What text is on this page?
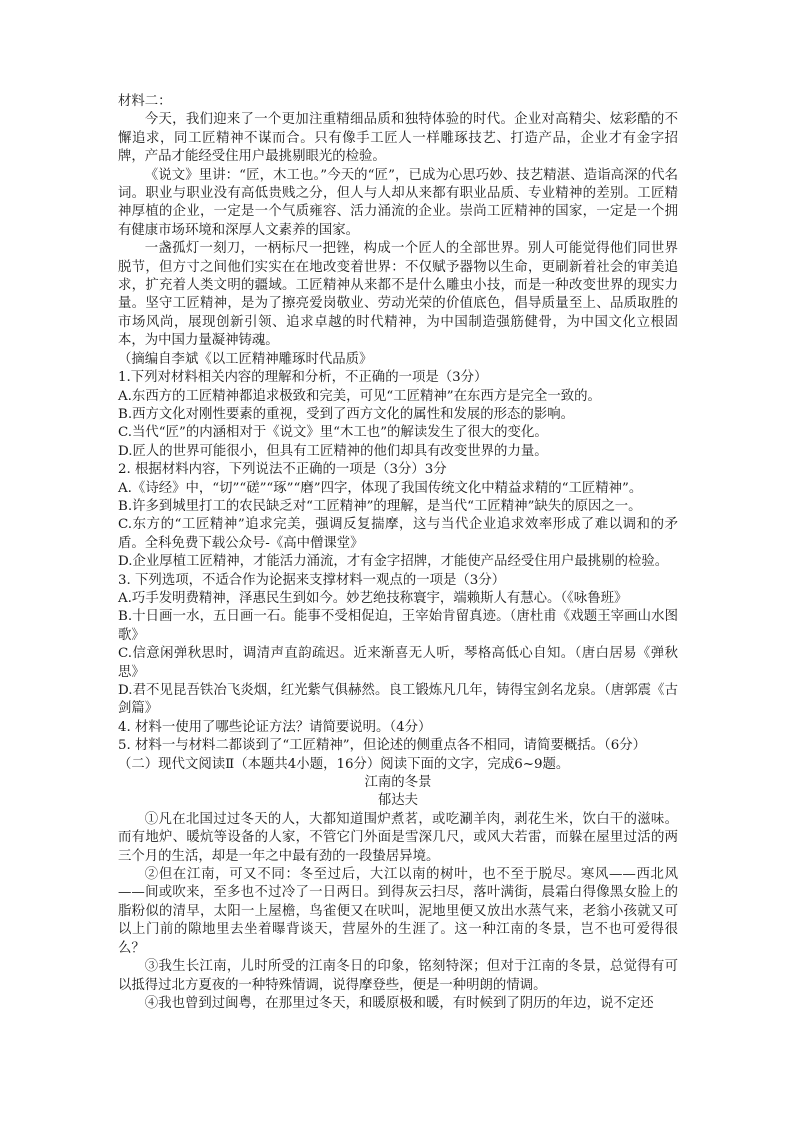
材料二：

今天，我们迎来了一个更加注重精细品质和独特体验的时代。企业对高精尖、炫彩酷的不懈追求，同工匠精神不谋而合。只有像手工匠人一样雕琢技艺、打造产品，企业才有金字招牌，产品才能经受住用户最挑剔眼光的检验。

《说文》里讲：“匠，木工也。”今天的“匠”，已成为心思巧妙、技艺精湛、造诣高深的代名词。职业与职业没有高低贵贱之分，但人与人却从来都有职业品质、专业精神的差别。工匠精神厚植的企业，一定是一个气质雍容、活力涌流的企业。崇尚工匠精神的国家，一定是一个拥有健康市场环境和深厚人文素养的国家。

一盏孤灯一刻刀，一柄标尺一把锉，构成一个匠人的全部世界。别人可能觉得他们同世界脱节，但方寸之间他们实实在在地改变着世界：不仅赋予器物以生命，更刷新着社会的审美追求，扩充着人类文明的疆域。工匠精神从来都不是什么雕虫小技，而是一种改变世界的现实力量。坚守工匠精神，是为了擦亮爱岗敬业、劳动光荣的价值底色，倡导质量至上、品质取胜的市场风尚，展现创新引领、追求卓越的时代精神，为中国制造强筋健骨，为中国文化立根固本，为中国力量凝神铸魂。

（摘编自李斌《以工匠精神雕琢时代品质》

1.下列对材料相关内容的理解和分析，不正确的一项是（3分）

A.东西方的工匠精神都追求极致和完美，可见“工匠精神”在东西方是完全一致的。

B.西方文化对刚性要素的重视，受到了西方文化的属性和发展的形态的影响。

C.当代“匠”的内涵相对于《说文》里“木工也”的解读发生了很大的变化。

D.匠人的世界可能很小，但具有工匠精神的他们却具有改变世界的力量。

2. 根据材料内容，下列说法不正确的一项是（3分）3分

A.《诗经》中，“切”“磋”“琢”“磨”四字，体现了我国传统文化中精益求精的“工匠精神”。

B.许多到城里打工的农民缺乏对“工匠精神”的理解，是当代“工匠精神”缺失的原因之一。

C.东方的“工匠精神”追求完美，强调反复揣摩，这与当代企业追求效率形成了难以调和的矛盾。全科免费下载公众号-《高中僧课堂》

D.企业厚植工匠精神，才能活力涌流，才有金字招牌，才能使产品经受住用户最挑剔的检验。

3. 下列选项，不适合作为论据来支撑材料一观点的一项是（3分）

A.巧手发明费精神，泽惠民生到如今。妙艺绝技称寰宇，端赖斯人有慧心。（《咏鲁班》

B.十日画一水，五日画一石。能事不受相促迫，王宰始肯留真迹。（唐杜甫《戏题王宰画山水图歌》

C.信意闲弹秋思时，调清声直韵疏迟。近来渐喜无人听，琴格高低心自知。（唐白居易《弹秋思》

D.君不见昆吾铁冶飞炎烟，红光紫气俱赫然。良工锻炼凡几年，铸得宝剑名龙泉。（唐郭震《古剑篇》

4. 材料一使用了哪些论证方法？请简要说明。（4分）

5. 材料一与材料二都谈到了“工匠精神”，但论述的侧重点各不相同，请简要概括。（6分）

（二）现代文阅读Ⅱ（本题共4小题，16分）阅读下面的文字，完成6~9题。

江南的冬景

郁达夫

①凡在北国过过冬天的人，大都知道围炉煮茗，或吃涮羊肉，剥花生米，饮白干的滋味。而有地炉、暖炕等设备的人家，不管它门外面是雪深几尺，或风大若雷，而躲在屋里过活的两三个月的生活，却是一年之中最有劲的一段蛰居异境。

②但在江南，可又不同：冬至过后，大江以南的树叶，也不至于脱尽。寒风——西北风——间或吹来，至多也不过冷了一日两日。到得灰云扫尽，落叶满街，晨霜白得像黑女脸上的脂粉似的清早，太阳一上屋檐，鸟雀便又在吠叫，泥地里便又放出水蒸气来，老翁小孩就又可以上门前的隙地里去坐着曝背谈天，营屋外的生涯了。这一种江南的冬景，岂不也可爱得很么？

③我生长江南，儿时所受的江南冬日的印象，铭刻特深；但对于江南的冬景，总觉得有可以抵得过北方夏夜的一种特殊情调，说得摩登些，便是一种明朗的情调。

④我也曾到过闽粤，在那里过冬天，和暖原极和暖，有时候到了阴历的年边，说不定还
